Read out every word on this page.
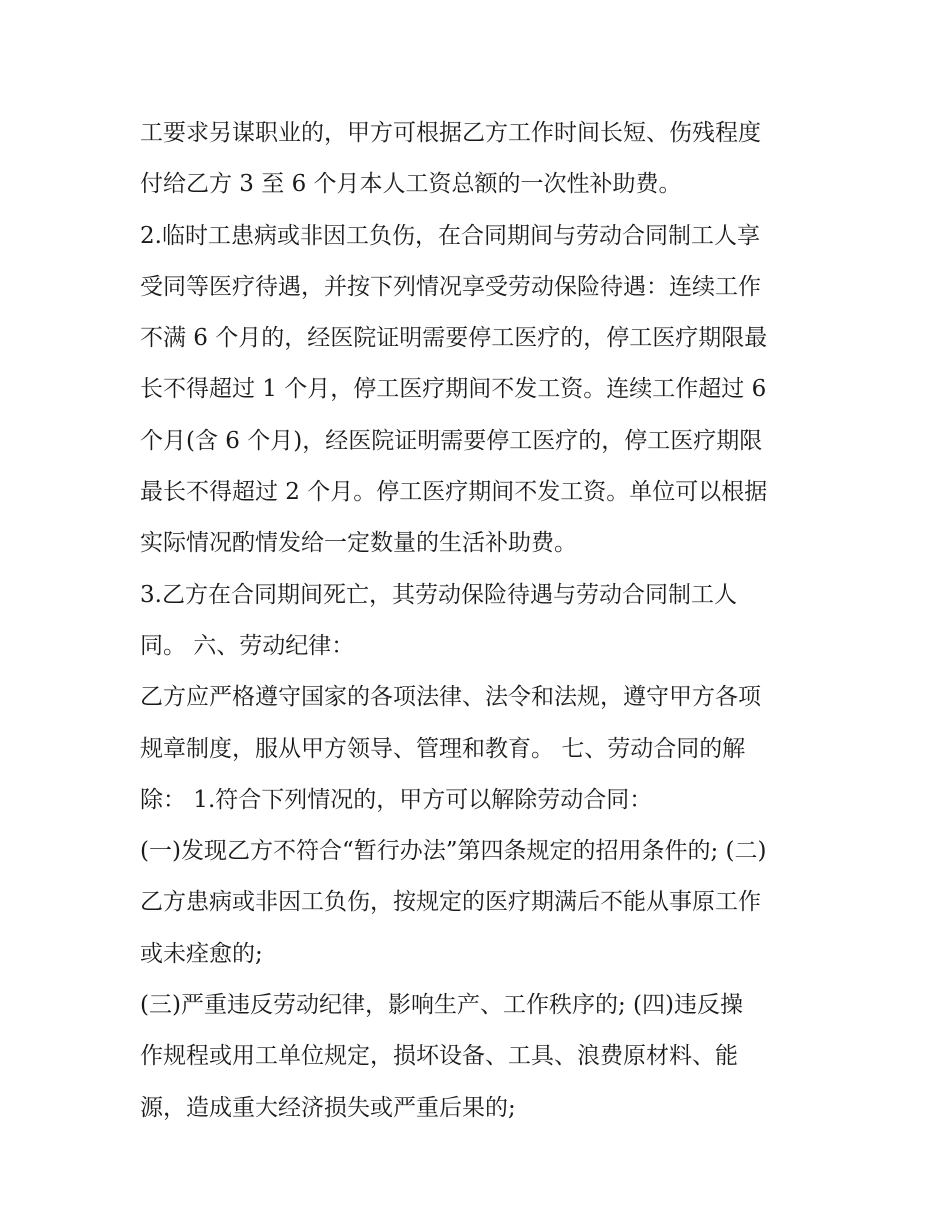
工要求另谋职业的，甲方可根据乙方工作时间长短、伤残程度
付给乙方 3 至 6 个月本人工资总额的一次性补助费。
2.临时工患病或非因工负伤，在合同期间与劳动合同制工人享
受同等医疗待遇，并按下列情况享受劳动保险待遇：连续工作
不满 6 个月的，经医院证明需要停工医疗的，停工医疗期限最
长不得超过 1 个月，停工医疗期间不发工资。连续工作超过 6
个月(含 6 个月)，经医院证明需要停工医疗的，停工医疗期限
最长不得超过 2 个月。停工医疗期间不发工资。单位可以根据
实际情况酌情发给一定数量的生活补助费。
3.乙方在合同期间死亡，其劳动保险待遇与劳动合同制工人
同。 六、劳动纪律：
乙方应严格遵守国家的各项法律、法令和法规，遵守甲方各项
规章制度，服从甲方领导、管理和教育。 七、劳动合同的解
除： 1.符合下列情况的，甲方可以解除劳动合同：
(一)发现乙方不符合“暂行办法”第四条规定的招用条件的; (二)
乙方患病或非因工负伤，按规定的医疗期满后不能从事原工作
或未痊愈的;
(三)严重违反劳动纪律，影响生产、工作秩序的; (四)违反操
作规程或用工单位规定，损坏设备、工具、浪费原材料、能
源，造成重大经济损失或严重后果的;
